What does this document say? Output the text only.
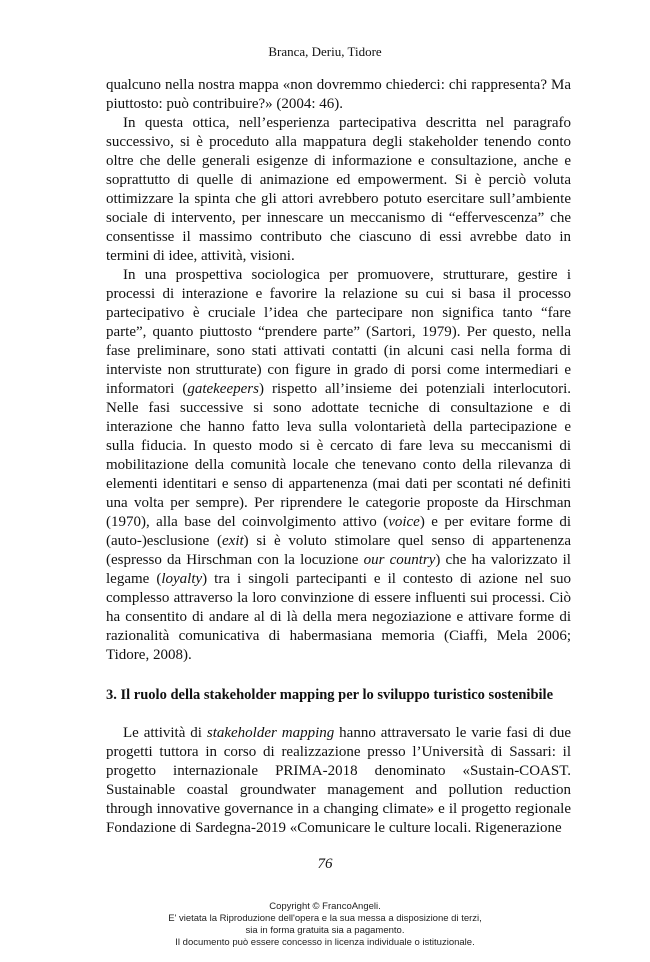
Branca, Deriu, Tidore

qualcuno nella nostra mappa «non dovremmo chiederci: chi rappresenta? Ma piuttosto: può contribuire?» (2004: 46).

In questa ottica, nell’esperienza partecipativa descritta nel paragrafo successivo, si è proceduto alla mappatura degli stakeholder tenendo conto oltre che delle generali esigenze di informazione e consultazione, anche e soprattutto di quelle di animazione ed empowerment. Si è perciò voluta ottimizzare la spinta che gli attori avrebbero potuto esercitare sull’ambiente sociale di intervento, per innescare un meccanismo di “effervescenza” che consentisse il massimo contributo che ciascuno di essi avrebbe dato in termini di idee, attività, visioni.

In una prospettiva sociologica per promuovere, strutturare, gestire i processi di interazione e favorire la relazione su cui si basa il processo partecipativo è cruciale l’idea che partecipare non significa tanto “fare parte”, quanto piuttosto “prendere parte” (Sartori, 1979). Per questo, nella fase preliminare, sono stati attivati contatti (in alcuni casi nella forma di interviste non strutturate) con figure in grado di porsi come intermediari e informatori (gatekeepers) rispetto all’insieme dei potenziali interlocutori. Nelle fasi successive si sono adottate tecniche di consultazione e di interazione che hanno fatto leva sulla volontarietà della partecipazione e sulla fiducia. In questo modo si è cercato di fare leva su meccanismi di mobilitazione della comunità locale che tenevano conto della rilevanza di elementi identitari e senso di appartenenza (mai dati per scontati né definiti una volta per sempre). Per riprendere le categorie proposte da Hirschman (1970), alla base del coinvolgimento attivo (voice) e per evitare forme di (auto-)esclusione (exit) si è voluto stimolare quel senso di appartenenza (espresso da Hirschman con la locuzione our country) che ha valorizzato il legame (loyalty) tra i singoli partecipanti e il contesto di azione nel suo complesso attraverso la loro convinzione di essere influenti sui processi. Ciò ha consentito di andare al di là della mera negoziazione e attivare forme di razionalità comunicativa di habermasiana memoria (Ciaffi, Mela 2006; Tidore, 2008).

3. Il ruolo della stakeholder mapping per lo sviluppo turistico sostenibile

Le attività di stakeholder mapping hanno attraversato le varie fasi di due progetti tuttora in corso di realizzazione presso l’Università di Sassari: il progetto internazionale PRIMA-2018 denominato «Sustain-COAST. Sustainable coastal groundwater management and pollution reduction through innovative governance in a changing climate» e il progetto regionale Fondazione di Sardegna-2019 «Comunicare le culture locali. Rigenerazione

76
Copyright © FrancoAngeli.
E' vietata la Riproduzione dell'opera e la sua messa a disposizione di terzi,
sia in forma gratuita sia a pagamento.
Il documento può essere concesso in licenza individuale o istituzionale.
